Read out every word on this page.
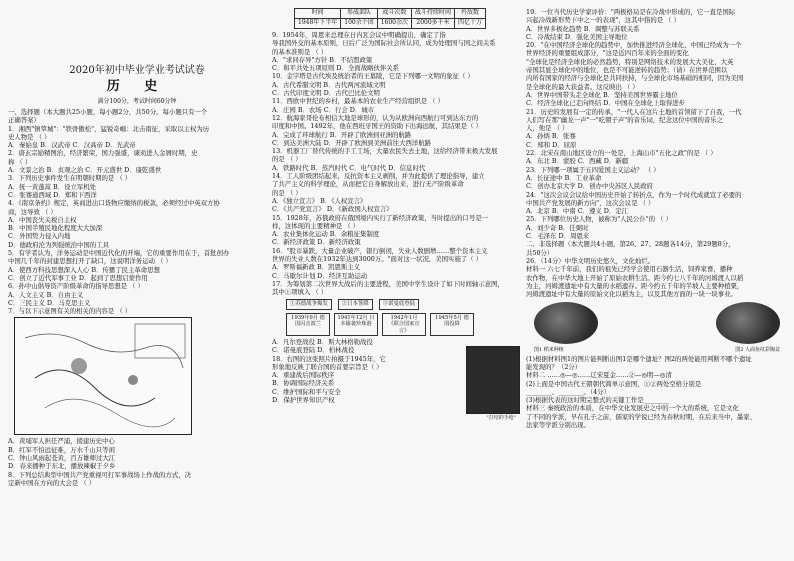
2020年初中毕业学业考试试卷
历 史
满分100分，考试时间60分钟
一、选择题（本大题共25小题，每小题2分，共50分。每小题只有一个
正确答案）
1．湘西"镇筸城"："铁骨傲松"，猛锐奇崛：北击南征，采取以主权为历
史人物是 （ ）
A．秦始皇 B．汉武帝 C．汉高帝 D．光武帝
2．唐玄宗励精图治，经济繁荣，国力强盛，谏劝进人金屑时期，史
称 （ ）
A．文景之治 B．贞观之治 C．开元盛世 D．康乾盛世
3．下列历史事件发生在明朝时期的是 （ ）
A．抚一黄蓬蒿 B．设立军机处
C．张骞通西域 D．郑和下西洋
4．《南京条约》规定，英商进出口货物应缴纳的税款，必须经过中英双方协
商，这导致 （ ）
A．中国丧失关税自主权
B．中国半殖民地化程度大大加深
C．外国势力侵入内地
D．德政府沦为列强统治中国的工具
5．有学者认为，洋务运动是中国近代化的开端，它的重要作用在于，首批创办
中国几千年的封建思想打开了缺口，这说明洋务运动 （ ）
A．使西方科技思想深入人心 B．传播了民主革命思想
C．创立了近代军事工业 D．起到了思想启蒙作用
6．孙中山倡导资产阶级革命的指导思想是 （ ）
A．人文主义 B．自由主义
C．三民主义 D．马克思主义
7．与以下示意图有关的相关的内容是 （ ）
A．黄埔军人担任严浦，援建历史中心
B．红军不怕远征难，万水千山只等闲
C．钟山风雨起苍黄，百万雄师过大江
D．春来播种于东北，播放辣椒于夕乡
8．下列总结典型中国共产党重视可打军事战场上作战的方式，决
定新中国在方向的大会是 （ ）
时间	参战部队	战斗次数	战斗持续时间	歼敌数
1948年下半年	100余个团	1600余次	2000多千米	四亿十万
9．1954年，周恩来总理在日内瓦会议中明确提出，确定了指
导我国外交的基本原则，日后广泛为国际社会所认同，成为处理国与国之间关系
的基本准则是 （ ）
A．"求同存异"方针 B．不结盟政策
C．和平共处五项原则 D．全面战略伙伴关系
10．金字塔是古代埃及统治者的王墓陵，它是下列哪一文明的象征（ ）
A．古代希腊文明 B．古代两河流域文明
C．古代印度文明 D．古代巴比伦文明
11．西欧中世纪的乡村，最基本的农业生产经营组织是 （ ）
A．庄园 B．农场 C．行会 D．城市
12．航海家哥伦布相信大地是球形的，认为从欧洲向西航行可到达东方的
印度和中国。1492年，他在西班牙国王的资助下出海远航，其结果是（ ）
A．完成了环球航行 B．开辟了欧洲到亚洲的航路
C．到达美洲大陆 D．开辟了欧洲到美洲前往大西洋航路
13．机器工厂替代传统的手工工场，大量农民失去土地，这给经济带来极大发展
的是 （ ）
A．铁路时代 B．蒸汽时代 C．电气时代 D．信息时代
14．工人阶级团结起来，反抗资本主义剥削，并为此提供了理论指导，建立
了共产主义的科学理论，从而把它自身解放出来，进行无产阶级革命
的是 （ ）
A．《独立宣言》 B．《人权宣言》
C．《共产党宣言》 D．《新政国人权宣言》
15．1928年，苏俄政府在俄国境内实行了新经济政策，当时提出的口号是一
样，这体现的主要精神是 （ ）
A．农业集体化运动 B．余粮征集制度
C．新经济政策 D．新经济政策
16．"股市暴跌，大量企业破产，银行倒闭，失业人数剧增……整个资本主义
世界的失业人数在1932年达到3000万。"面对这一状况，美国实施了（ ）
A．罗斯福新政 B．凯恩斯主义
C．马歇尔计划 D．经济互助运动
17．为筹划第二次世界大战后的主要进程，美国中学生设计了如下时间轴示意图，
其中①项填入 （ ）
①苏德战争爆发	②日本签降	③诺曼底登陆
1939年9月 德国闪击波兰
1941年12月 日本偷袭珍珠港
1942年1月 《联合国家宣言》
1945年5月 德国投降
A．凡尔登战役 B．斯大林格勒战役
C．诺曼底登陆 D．柏林战役
18．右图的这张照片拍摄于1945年，它
形象地反映了联合国的首要宗旨是（ ）
A．重建战后国际秩序
B．协调国际经济关系
C．维护国际和平与安全
D．保护世界知识产权
"打结的手枪"
19．一位当代历史学家评价："两极格局是在冷战中形成的，它一直是国际
兴起冷战新形势下中之一的表现"，这其中指的是 （ ）
A．世界多极化趋势 B．调整与苏联关系
C．冷战结束 D．强化美国主导地位
20．"在中国经济全球化的趋势中，加快推进经济全球化、中国已经成为一个
世界经济的重要组成部分，"这是近四百年来的全面的变化
"全球化是经济全球化的必然趋势，特别是网络技术的发展大大美化，大英
帝国其显全球化中的地位，也是不可能逆转的趋势；（请）在世界范围以
内所有国家的经济与全球化是共同扶持，与全球化市场基础的相同，因为美国
是全球化的最大获益者。这反映出 （ ）
A．世界中国带头走全球化 B．坚持美国世界霸主地位
C．经济全球化已走向终结 D．中国在全球化上取得进步
21．历史的发展有一定的传承，"一代人在这片土地的首领留下了自我，一代
人们写在那"幽龙一声"一"吃朝子声"的音乐词，纪念这位中国的音乐之
人，他是 （ ）
A．孙炳 B．张骞
C．郑和 D．屈原
22．北宋在南山地区设立的一处是，上海山市"五化之政"的是 （ ）
A．东北 B．蒙胶 C．西藏 D．新疆
23．下列哪一项属于五四爱国主义运动？ （ ）
A．长征途中 B．工业革命
C．创办北京大学 D．创办中央苏区人民政府
24．"这次会议会议给中国历史开始了转折点，作为一个时代成就宣了必要的
中国共产党发展的新方向"，这次会议是 （ ）
A．北京 B．中南 C．遵义 D．定江
25．下列哪位历史人物，被称为"人民公仆"的 （ ）
A．刘少奇 B．任弼时
C．毛泽东 D．周恩来
二、非选择题（本大题共4小题，第26、27、28题各14分，第29题8分，
共50分）
26．（14分）中华文明历史悠久，文化灿烂。
材料一 六七千年前，我们的祖先已经学会使用石器生活，饲养家畜，播种
农作物，在中华大地上开始了原始农耕生活。距今约七八千年的河姆渡人以稻
为主，河姆渡遗址中有大量的水稻遗存。距今约五千年的半坡人主要种植粟，
河姆渡遗址中有大量的原始文化以稻为主，以及其他方面的一块一块事业。
图1 稻米种植	图2 人面鱼纹彩陶盆
(1)根据材料图1的图片能判断出图1是哪个遗址？图2的两处能用判断不哪个遗址
能发现的？（2分）
材料二 ……◎—◎……辽宋夏金……②—◎明—◎清
(2)上面是中国古代王朝朝代简单示意图，①②两处空格分别是
________、________。（4分）
(3)根据代表的这时期完整式的关键工作是________
材料三 秦统政治的本质，在中华文化发展史之中的一个大的系统，它是文化
了不同的学派，早在孔子之前，儒家的学说已经为春秋时期，在后来当中，墨家、
法家等学派分别出现。
